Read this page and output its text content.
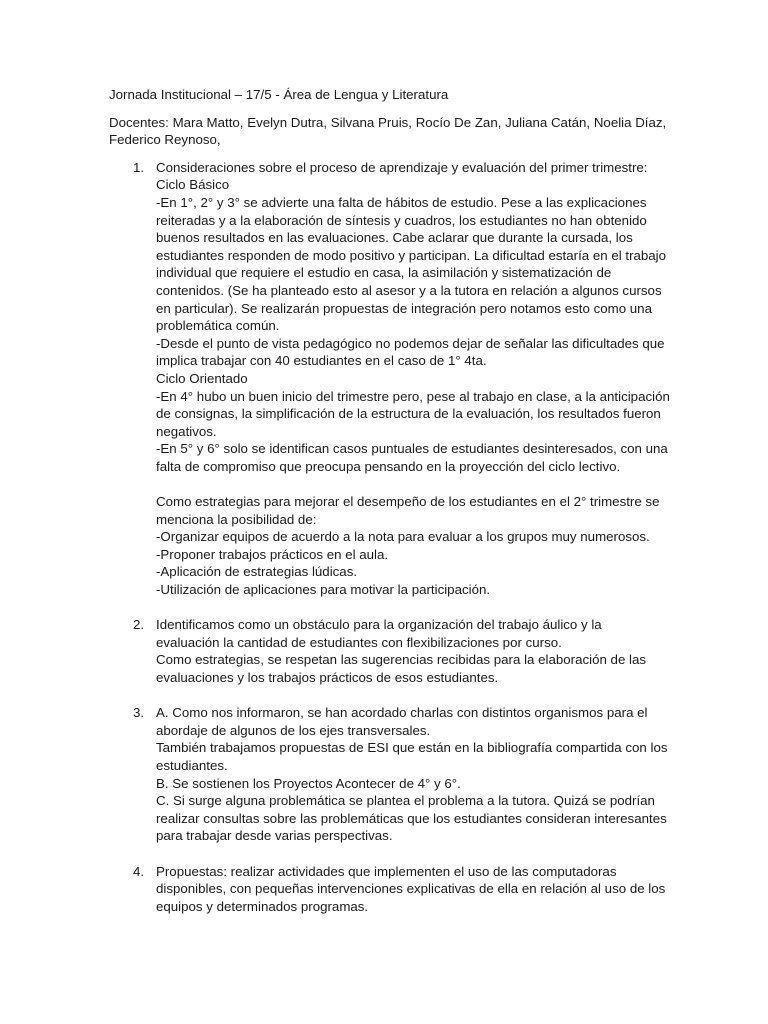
Jornada Institucional – 17/5 - Área de Lengua y Literatura
Docentes: Mara Matto, Evelyn Dutra, Silvana Pruis, Rocío De Zan, Juliana Catán, Noelia Díaz,
Federico Reynoso,
1. Consideraciones sobre el proceso de aprendizaje y evaluación del primer trimestre:
Ciclo Básico
-En 1°, 2° y 3° se advierte una falta de hábitos de estudio. Pese a las explicaciones
reiteradas y a la elaboración de síntesis y cuadros, los estudiantes no han obtenido
buenos resultados en las evaluaciones. Cabe aclarar que durante la cursada, los
estudiantes responden de modo positivo y participan. La dificultad estaría en el trabajo
individual que requiere el estudio en casa, la asimilación y sistematización de
contenidos. (Se ha planteado esto al asesor y a la tutora en relación a algunos cursos
en particular). Se realizarán propuestas de integración pero notamos esto como una
problemática común.
-Desde el punto de vista pedagógico no podemos dejar de señalar las dificultades que
implica trabajar con 40 estudiantes en el caso de 1° 4ta.
Ciclo Orientado
-En 4° hubo un buen inicio del trimestre pero, pese al trabajo en clase, a la anticipación
de consignas, la simplificación de la estructura de la evaluación, los resultados fueron
negativos.
-En 5° y 6° solo se identifican casos puntuales de estudiantes desinteresados, con una
falta de compromiso que preocupa pensando en la proyección del ciclo lectivo.
Como estrategias para mejorar el desempeño de los estudiantes en el 2° trimestre se
menciona la posibilidad de:
-Organizar equipos de acuerdo a la nota para evaluar a los grupos muy numerosos.
-Proponer trabajos prácticos en el aula.
-Aplicación de estrategias lúdicas.
-Utilización de aplicaciones para motivar la participación.
2. Identificamos como un obstáculo para la organización del trabajo áulico y la
evaluación la cantidad de estudiantes con flexibilizaciones por curso.
Como estrategias, se respetan las sugerencias recibidas para la elaboración de las
evaluaciones y los trabajos prácticos de esos estudiantes.
3. A. Como nos informaron, se han acordado charlas con distintos organismos para el
abordaje de algunos de los ejes transversales.
También trabajamos propuestas de ESI que están en la bibliografía compartida con los
estudiantes.
B. Se sostienen los Proyectos Acontecer de 4° y 6°.
C. Si surge alguna problemática se plantea el problema a la tutora. Quizá se podrían
realizar consultas sobre las problemáticas que los estudiantes consideran interesantes
para trabajar desde varias perspectivas.
4. Propuestas: realizar actividades que implementen el uso de las computadoras
disponibles, con pequeñas intervenciones explicativas de ella en relación al uso de los
equipos y determinados programas.
